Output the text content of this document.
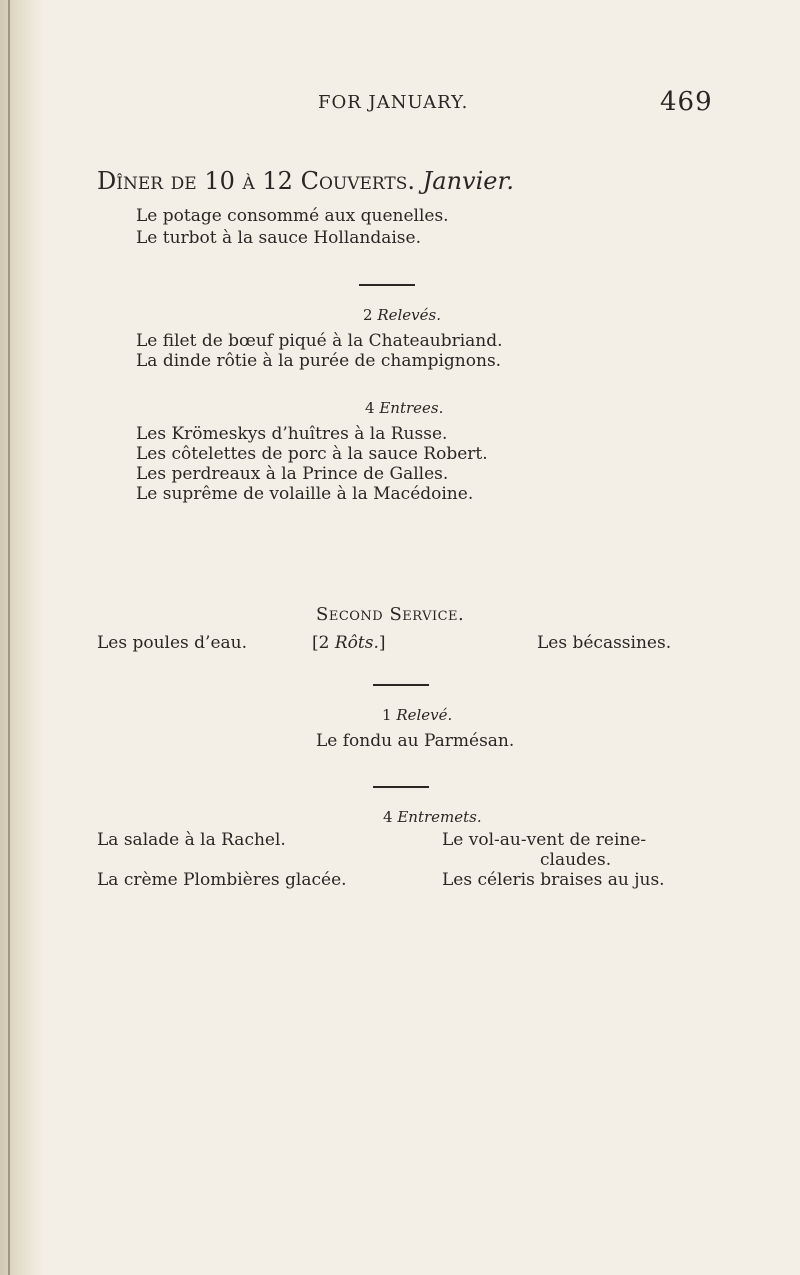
FOR JANUARY.	469
Dîner de 10 à 12 Couverts. Janvier.
Le potage consommé aux quenelles.
Le turbot à la sauce Hollandaise.
2 Relevés.
Le filet de bœuf piqué à la Chateaubriand.
La dinde rôtie à la purée de champignons.
4 Entrees.
Les Krömeskys d’huîtres à la Russe.
Les côtelettes de porc à la sauce Robert.
Les perdreaux à la Prince de Galles.
Le suprême de volaille à la Macédoine.
Second Service.
Les poules d’eau.	[2 Rôts.]	Les bécassines.
1 Relevé.
Le fondu au Parmésan.
4 Entremets.
La salade à la Rachel.	Le vol-au-vent de reine-
claudes.
La crème Plombières glacée.	Les céleris braises au jus.
